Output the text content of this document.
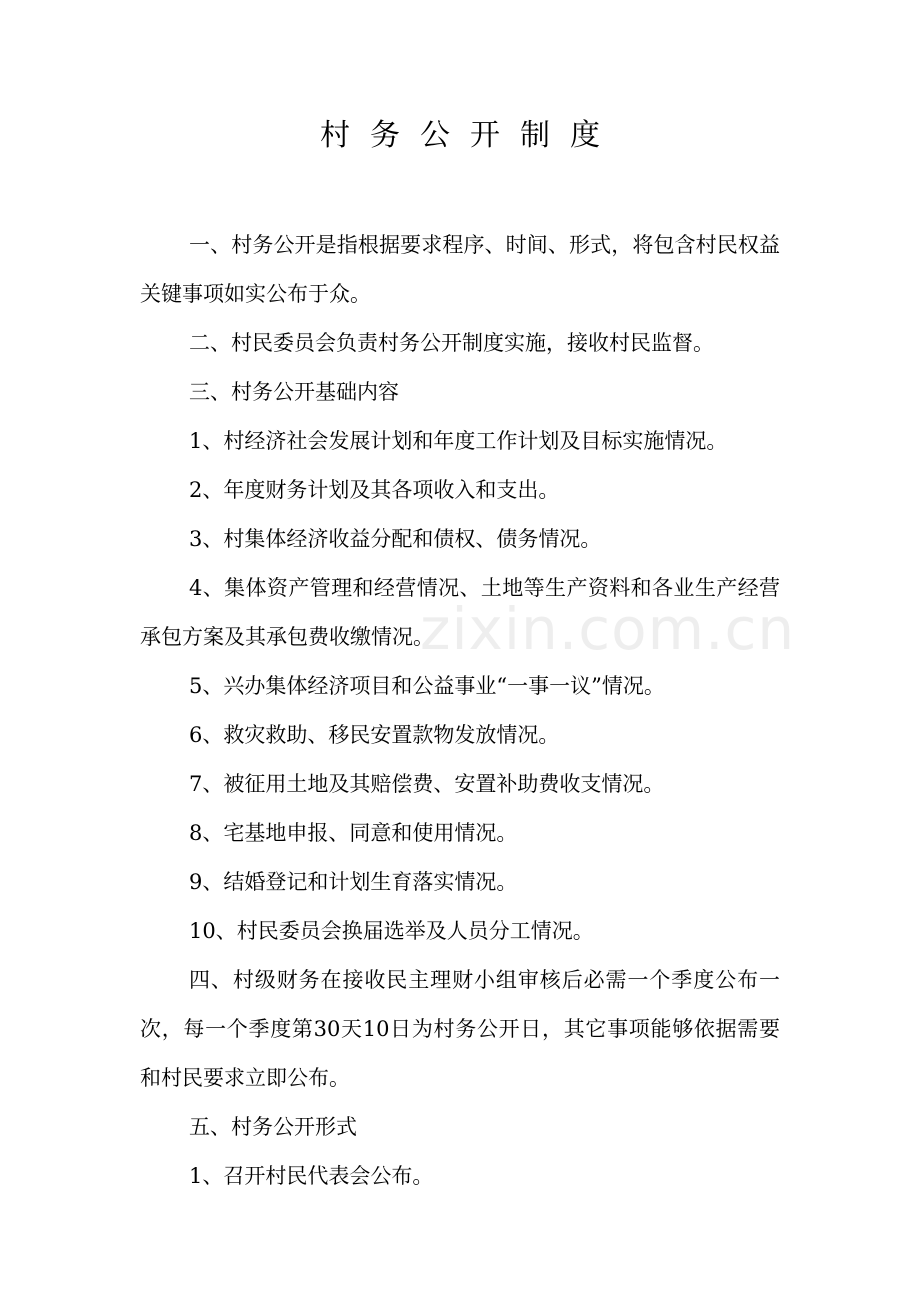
村务公开制度

一、村务公开是指根据要求程序、时间、形式，将包含村民权益关键事项如实公布于众。

二、村民委员会负责村务公开制度实施，接收村民监督。

三、村务公开基础内容

1、村经济社会发展计划和年度工作计划及目标实施情况。

2、年度财务计划及其各项收入和支出。

3、村集体经济收益分配和债权、债务情况。

4、集体资产管理和经营情况、土地等生产资料和各业生产经营承包方案及其承包费收缴情况。

5、兴办集体经济项目和公益事业“一事一议”情况。

6、救灾救助、移民安置款物发放情况。

7、被征用土地及其赔偿费、安置补助费收支情况。

8、宅基地申报、同意和使用情况。

9、结婚登记和计划生育落实情况。

10、村民委员会换届选举及人员分工情况。

四、村级财务在接收民主理财小组审核后必需一个季度公布一次，每一个季度第30天10日为村务公开日，其它事项能够依据需要和村民要求立即公布。

五、村务公开形式

1、召开村民代表会公布。

zixin.com.cn
